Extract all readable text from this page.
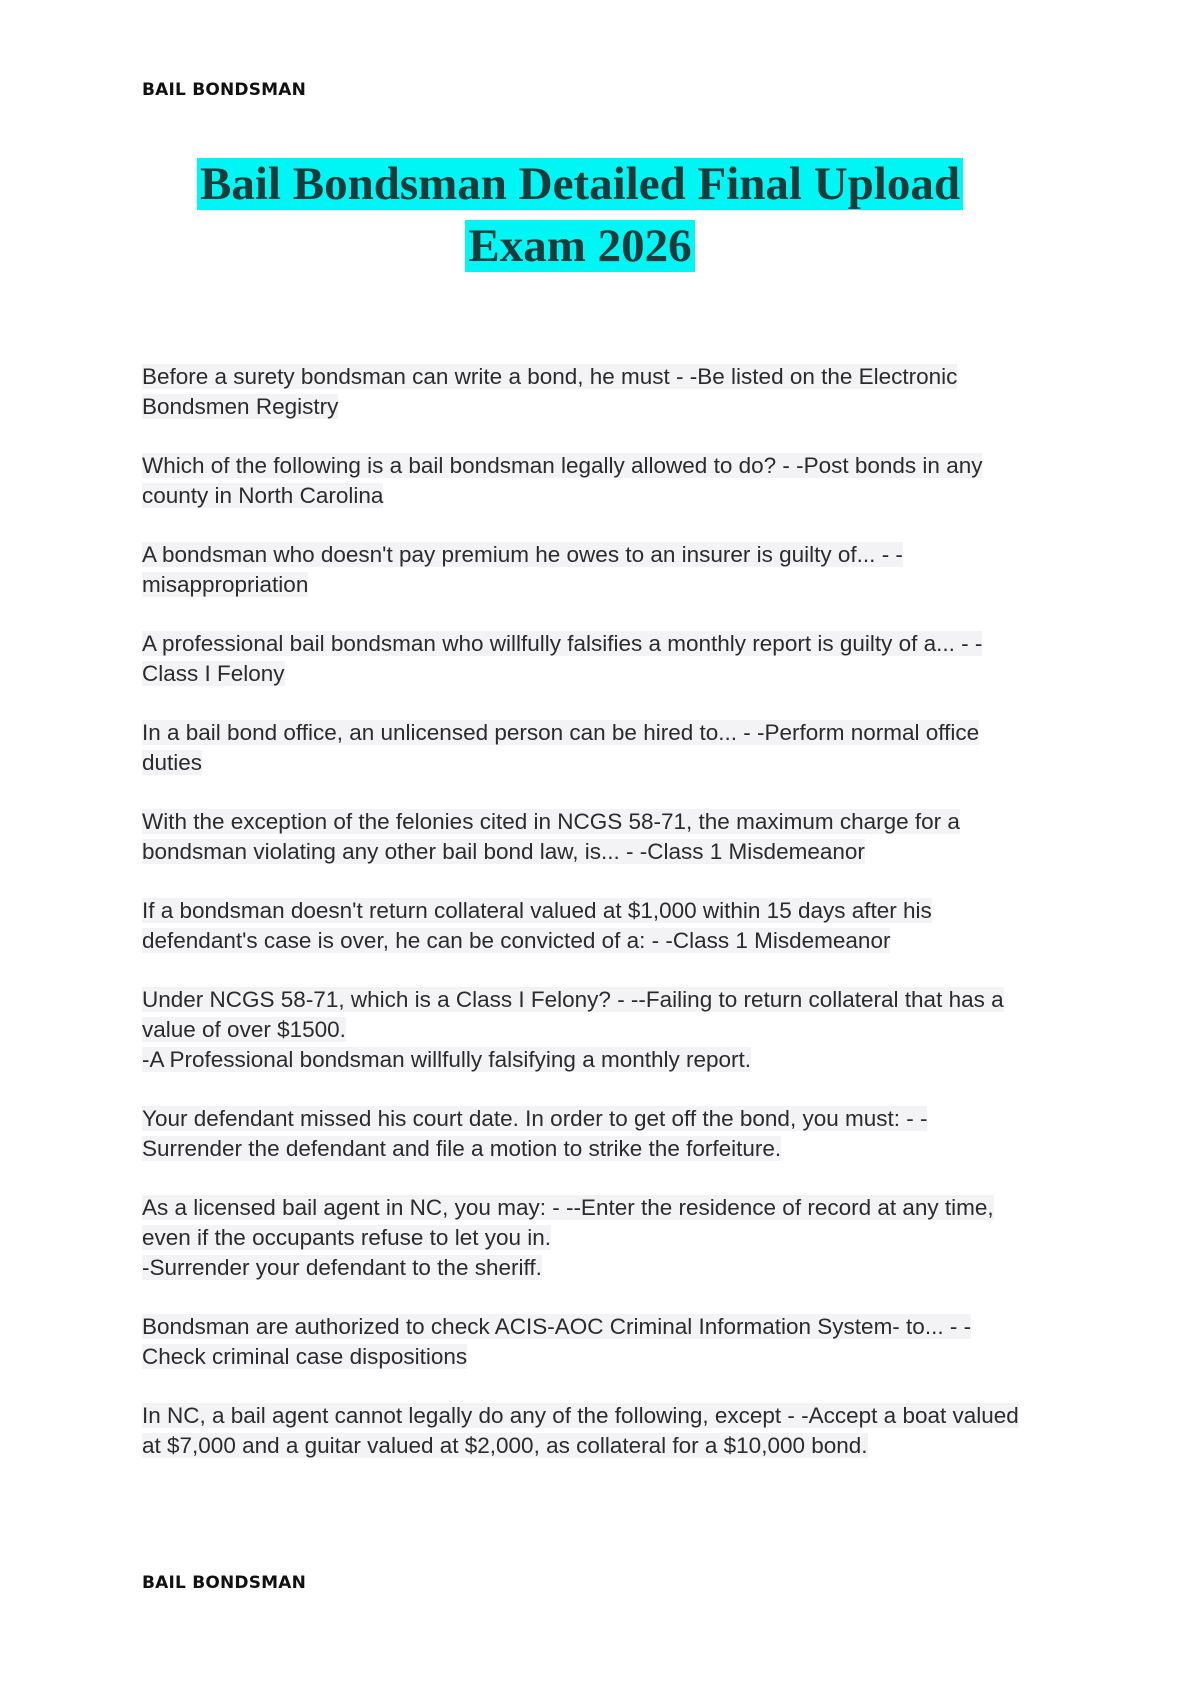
BAIL BONDSMAN
Bail Bondsman Detailed Final Upload
Exam 2026
Before a surety bondsman can write a bond, he must - -Be listed on the Electronic
Bondsmen Registry
Which of the following is a bail bondsman legally allowed to do? - -Post bonds in any
county in North Carolina
A bondsman who doesn't pay premium he owes to an insurer is guilty of... - -
misappropriation
A professional bail bondsman who willfully falsifies a monthly report is guilty of a... - -
Class I Felony
In a bail bond office, an unlicensed person can be hired to... - -Perform normal office
duties
With the exception of the felonies cited in NCGS 58-71, the maximum charge for a
bondsman violating any other bail bond law, is... - -Class 1 Misdemeanor
If a bondsman doesn't return collateral valued at $1,000 within 15 days after his
defendant's case is over, he can be convicted of a: - -Class 1 Misdemeanor
Under NCGS 58-71, which is a Class I Felony? - --Failing to return collateral that has a
value of over $1500.
-A Professional bondsman willfully falsifying a monthly report.
Your defendant missed his court date. In order to get off the bond, you must: - -
Surrender the defendant and file a motion to strike the forfeiture.
As a licensed bail agent in NC, you may: - --Enter the residence of record at any time,
even if the occupants refuse to let you in.
-Surrender your defendant to the sheriff.
Bondsman are authorized to check ACIS-AOC Criminal Information System- to... - -
Check criminal case dispositions
In NC, a bail agent cannot legally do any of the following, except - -Accept a boat valued
at $7,000 and a guitar valued at $2,000, as collateral for a $10,000 bond.
BAIL BONDSMAN
